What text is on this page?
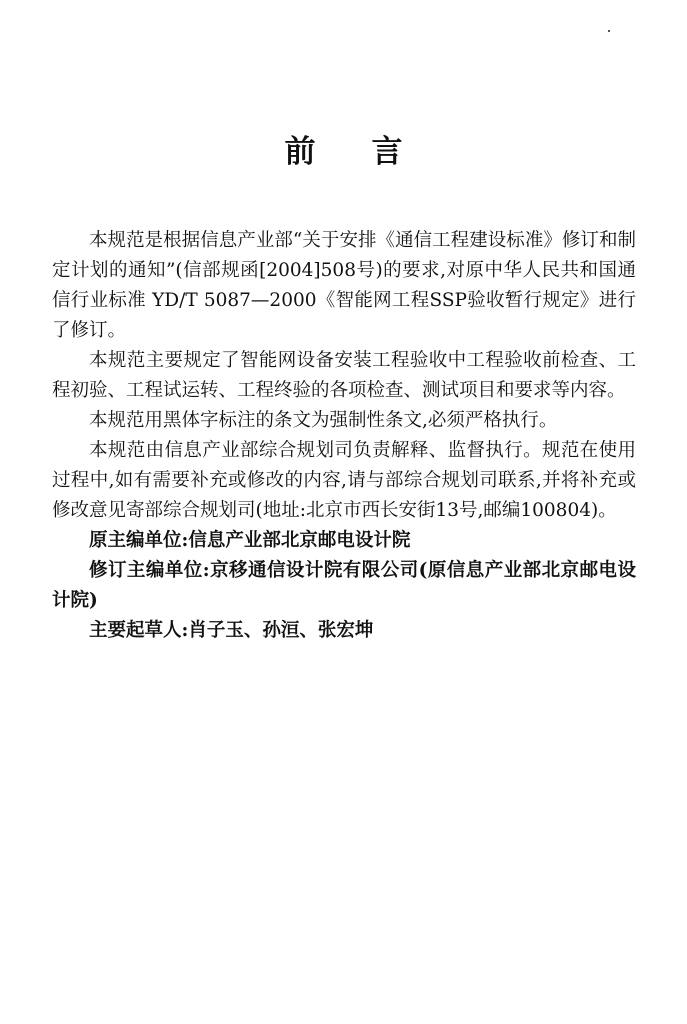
前言

本规范是根据信息产业部“关于安排《通信工程建设标准》修订和制定计划的通知”(信部规函[2004]508号)的要求,对原中华人民共和国通信行业标准 YD/T 5087—2000《智能网工程SSP验收暂行规定》进行了修订。

本规范主要规定了智能网设备安装工程验收中工程验收前检查、工程初验、工程试运转、工程终验的各项检查、测试项目和要求等内容。

本规范用黑体字标注的条文为强制性条文,必须严格执行。

本规范由信息产业部综合规划司负责解释、监督执行。规范在使用过程中,如有需要补充或修改的内容,请与部综合规划司联系,并将补充或修改意见寄部综合规划司(地址:北京市西长安街13号,邮编100804)。

原主编单位:信息产业部北京邮电设计院

修订主编单位:京移通信设计院有限公司(原信息产业部北京邮电设计院)

主要起草人:肖子玉、孙洹、张宏坤
